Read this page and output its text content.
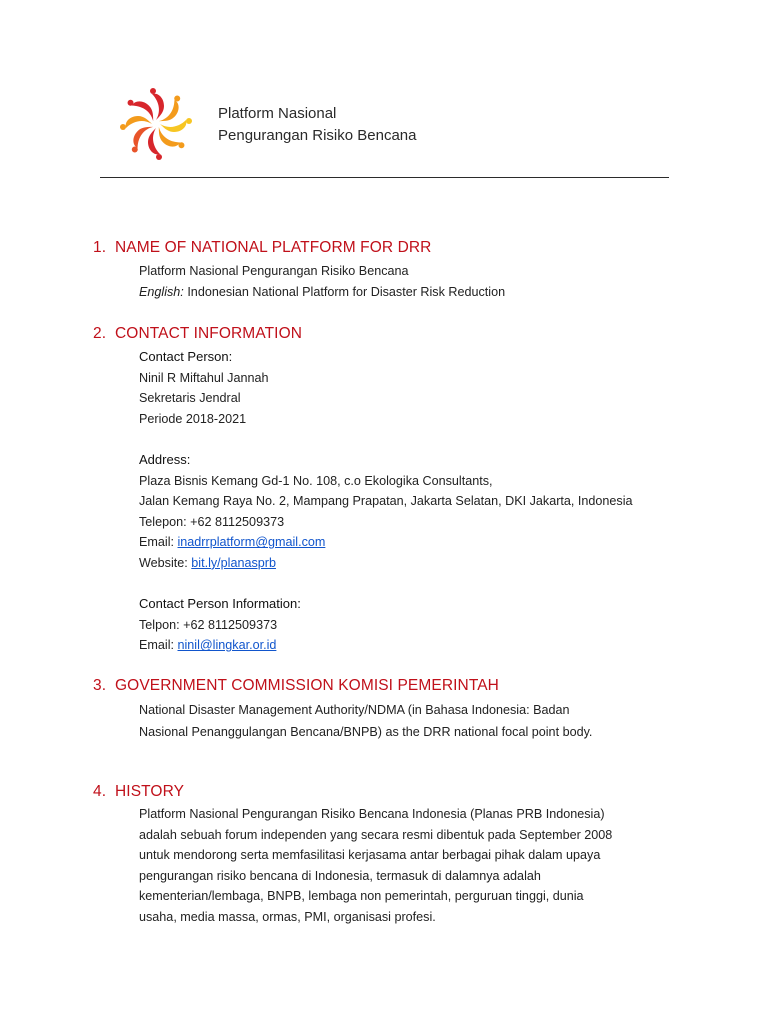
Platform Nasional
Pengurangan Risiko Bencana
1. NAME OF NATIONAL PLATFORM FOR DRR
Platform Nasional Pengurangan Risiko Bencana
English: Indonesian National Platform for Disaster Risk Reduction
2. CONTACT INFORMATION
Contact Person:
Ninil R Miftahul Jannah
Sekretaris Jendral
Periode 2018-2021
Address:
Plaza Bisnis Kemang Gd-1 No. 108, c.o Ekologika Consultants,
Jalan Kemang Raya No. 2, Mampang Prapatan, Jakarta Selatan, DKI Jakarta, Indonesia
Telepon: +62 8112509373
Email: inadrrplatform@gmail.com
Website: bit.ly/planasprb
Contact Person Information:
Telpon: +62 8112509373
Email: ninil@lingkar.or.id
3. GOVERNMENT COMMISSION KOMISI PEMERINTAH
National Disaster Management Authority/NDMA (in Bahasa Indonesia: Badan
Nasional Penanggulangan Bencana/BNPB) as the DRR national focal point body.
4. HISTORY
Platform Nasional Pengurangan Risiko Bencana Indonesia (Planas PRB Indonesia)
adalah sebuah forum independen yang secara resmi dibentuk pada September 2008
untuk mendorong serta memfasilitasi kerjasama antar berbagai pihak dalam upaya
pengurangan risiko bencana di Indonesia, termasuk di dalamnya adalah
kementerian/lembaga, BNPB, lembaga non pemerintah, perguruan tinggi, dunia
usaha, media massa, ormas, PMI, organisasi profesi.
